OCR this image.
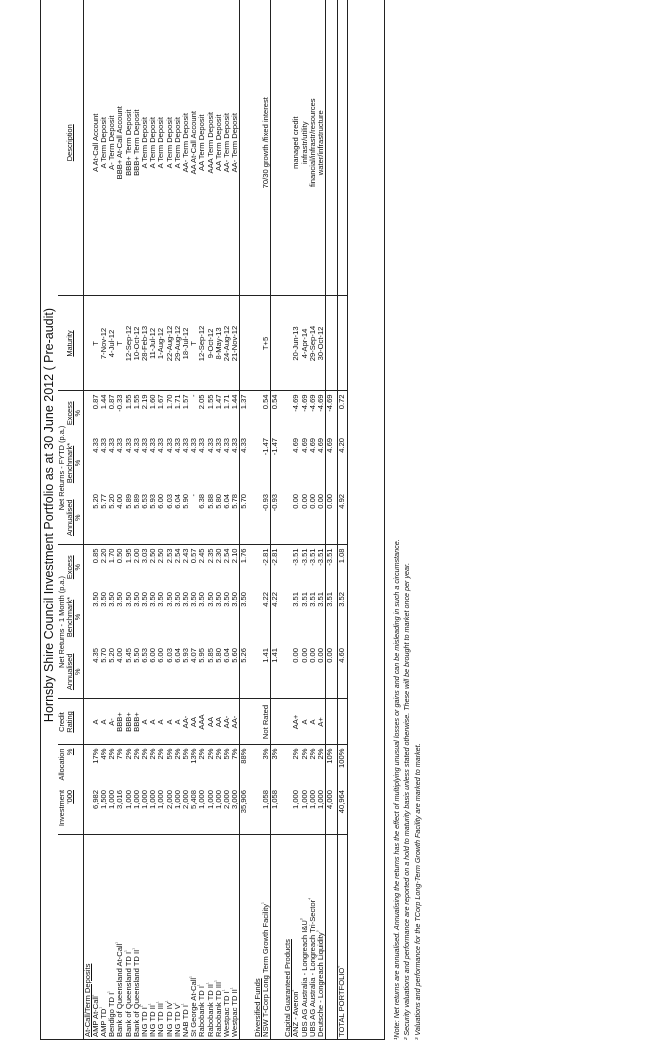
Hornsby Shire Council Investment Portfolio as at 30 June 2012 ( Pre-audit)
	Investment	Allocation	Credit	Net Returns - 1 Month (p.a.)			Net Returns - FYTD (p.a.)				
	'000	%	Rating	Annualised	Benchmark*	Excess	Annualised	Benchmark*	Excess	Maturity	Description
				%	%	%	%	%	%		
At-Call/Term Deposits											
AMP At-Call$^{^1}$	6,982	17%	A	4.35	3.50	0.85	5.20	4.33	0.87	T	A At-Call Account
AMP $TD^{^1}$	1,500	4%	A	5.70	3.50	2.20	5.77	4.33	1.44	7-Nov-12	A Term Deposit
Bendigo TD $I^{^1}$	1,000	2%	A-	5.20	3.50	1.70	5.20	4.33	0.87	4-Jul-12	A- Term Deposit
Bank of Queensland At-Call$^{^1}$	3,016	7%	BBB+	4.00	3.50	0.50	4.00	4.33	-0.33	T	BBB+ At-Call Account
Bank of Queensland TD $I^{^1}$	1,000	2%	BBB+	5.45	3.50	1.95	5.89	4.33	1.55	12-Sep-12	BBB+ Term Deposit
Bank of Queensland TD $II^{^1}$	1,000	2%	BBB+	5.50	3.50	2.00	5.89	4.33	1.55	10-Oct-12	BBB+ Term Deposit
ING TD $I^{^1}$	1,000	2%	A	6.53	3.50	3.03	6.53	4.33	2.19	28-Feb-13	A Term Deposit
ING TD $II^{^1}$	1,000	2%	A	6.00	3.50	2.50	5.93	4.33	1.60	11-Jul-12	A Term Deposit
ING TD $III^{^1}$	1,000	2%	A	6.00	3.50	2.50	6.00	4.33	1.67	1-Aug-12	A Term Deposit
ING TD $IV^{^1}$	2,000	5%	A	6.03	3.50	2.53	6.03	4.33	1.70	22-Aug-12	A Term Deposit
ING TD $V^{^1}$	1,000	2%	A	6.04	3.50	2.54	6.04	4.33	1.71	29-Aug-12	A Term Deposit
NAB TD $I^{^1}$	2,000	5%	AA-	5.93	3.50	2.43	5.90	4.33	1.57	18-Jul-12	AA- Term Deposit
St George At-Call$^{^1}$	5,408	13%	AA	4.07	3.50	0.57	-	4.33	-	T	AA At-Call Account
Rabobank TD $I^{^1}$	1,000	2%	AAA	5.95	3.50	2.45	6.38	4.33	2.05	12-Sep-12	AA Term Deposit
Rabobank TD $II^{^1}$	1,000	2%	AA	5.85	3.50	2.35	5.88	4.33	1.55	9-Oct-12	AAA Term Deposit
Rabobank TD $III^{^1}$	1,000	2%	AA	5.80	3.50	2.30	5.80	4.33	1.47	8-May-13	AA Term Deposit
Westpac TD $I^{^1}$	2,000	5%	AA-	6.04	3.50	2.54	6.04	4.33	1.71	24-Aug-12	AA- Term Deposit
Westpac TD $II^{^1}$	3,000	7%	AA-	5.60	3.50	2.10	5.78	4.33	1.44	21-Nov-12	AA- Term Deposit
	35,906	88%		5.26	3.50	1.76	5.70	4.33	1.37		

Diversified Funds											
NSW T-Corp Long Term Growth Facility$^{^1}$	1,058	3%	Not Rated	1.41	4.22	-2.81	-0.93	-1.47	0.54	T+5	70/30 growth /fixed interest
	1,058	3%		1.41	4.22	-2.81	-0.93	-1.47	0.54		

Capital Guaranteed Products											
ANZ - Averon$^{^2}$	1,000	2%	AA+	0.00	3.51	-3.51	0.00	4.69	-4.69	20-Jun-13	managed credit
UBS AG Australia - Longreach $I\&U^{^3}$	1,000	2%	A	0.00	3.51	-3.51	0.00	4.69	-4.69	4-Apr-14	infrastr/utility
UBS AG Australia - Longreach Tri-Sector$^{^4}$	1,000	2%	A	0.00	3.51	-3.51	0.00	4.69	-4.69	29-Sep-14	financial/infrastr/resources
Deutsche - Longreach Liquidity$^{^5}$	1,000	2%	A+	0.00	3.51	-3.51	0.00	4.69	-4.69	30-Oct-12	water/infrastructure
	4,000	10%		0.00	3.51	-3.51	0.00	4.69	-4.69		

TOTAL $PORTFOLIO^{^6}$	40,964	100%		4.60	3.52	1.08	4.92	4.20	0.72		
¹Note: Net returns are annualised. Annualising the returns has the effect of multiplying unusual losses or gains and can be misleading in such a circumstance. ² Security valuations and performance are reported on a hold to maturity basis unless stated otherwise. These will be brought to market once per year. ³ Valuations and performance for the TCorp Long-Term Growth Facility are marked to market.
